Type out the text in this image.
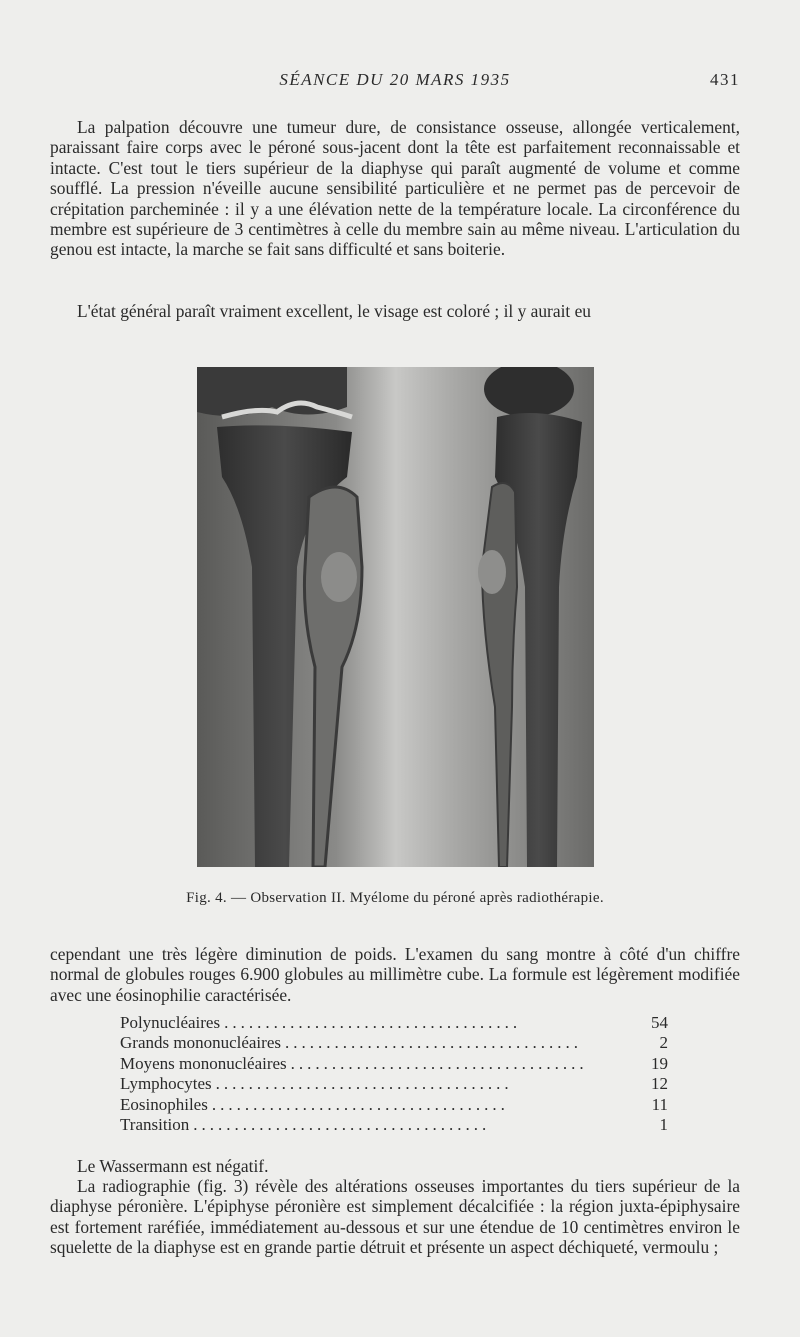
SÉANCE DU 20 MARS 1935	431

La palpation découvre une tumeur dure, de consistance osseuse, allongée verticalement, paraissant faire corps avec le péroné sous-jacent dont la tête est parfaitement reconnaissable et intacte. C'est tout le tiers supérieur de la diaphyse qui paraît augmenté de volume et comme soufflé. La pression n'éveille aucune sensibilité particulière et ne permet pas de percevoir de crépitation parcheminée : il y a une élévation nette de la température locale. La circonférence du membre est supérieure de 3 centimètres à celle du membre sain au même niveau. L'articulation du genou est intacte, la marche se fait sans difficulté et sans boiterie.

L'état général paraît vraiment excellent, le visage est coloré ; il y aurait eu

Fig. 4. — Observation II. Myélome du péroné après radiothérapie.

cependant une très légère diminution de poids. L'examen du sang montre à côté d'un chiffre normal de globules rouges 6.900 globules au millimètre cube. La formule est légèrement modifiée avec une éosinophilie caractérisée.

Polynucléaires ....................................	54
Grands mononucléaires ....................................	2
Moyens mononucléaires ....................................	19
Lymphocytes ....................................	12
Eosinophiles ....................................	11
Transition ....................................	1

Le Wassermann est négatif.

La radiographie (fig. 3) révèle des altérations osseuses importantes du tiers supérieur de la diaphyse péronière. L'épiphyse péronière est simplement décalcifiée : la région juxta-épiphysaire est fortement raréfiée, immédiatement au-dessous et sur une étendue de 10 centimètres environ le squelette de la diaphyse est en grande partie détruit et présente un aspect déchiqueté, vermoulu ;
